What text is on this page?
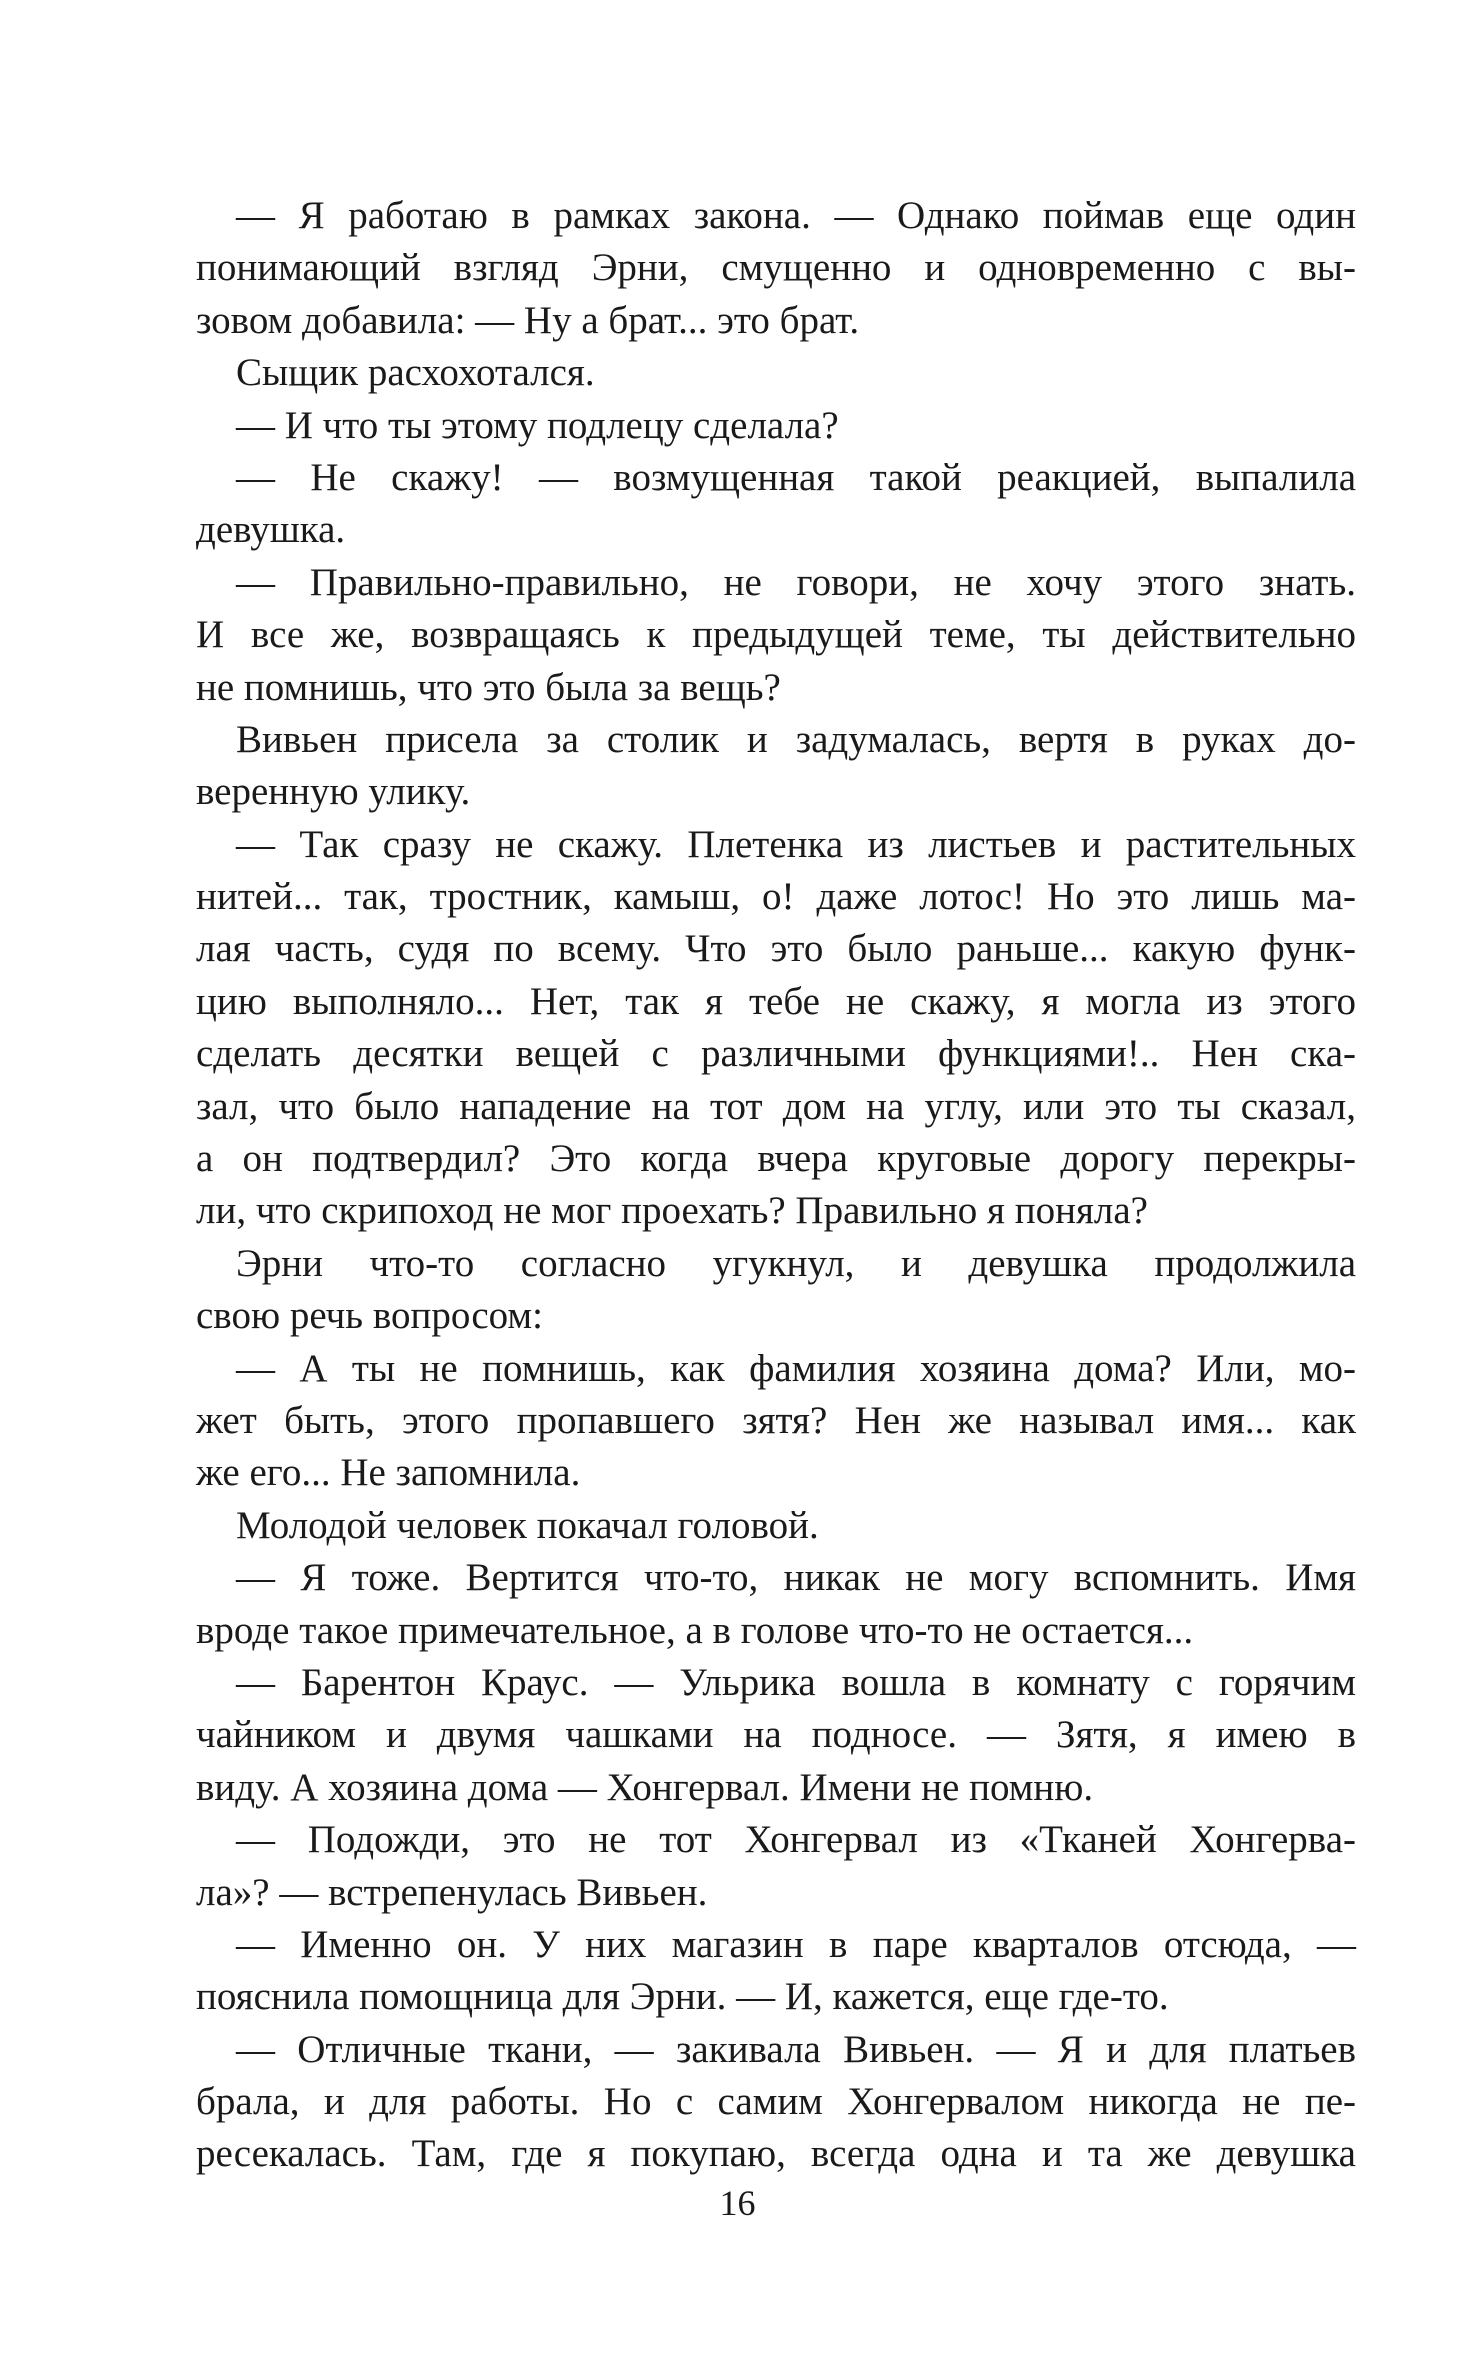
— Я работаю в рамках закона. — Однако поймав еще один
понимающий взгляд Эрни, смущенно и одновременно с вы-
зовом добавила: — Ну а брат... это брат.
Сыщик расхохотался.
— И что ты этому подлецу сделала?
— Не скажу! — возмущенная такой реакцией, выпалила
девушка.
— Правильно-правильно, не говори, не хочу этого знать.
И все же, возвращаясь к предыдущей теме, ты действительно
не помнишь, что это была за вещь?
Вивьен присела за столик и задумалась, вертя в руках до-
веренную улику.
— Так сразу не скажу. Плетенка из листьев и растительных
нитей... так, тростник, камыш, о! даже лотос! Но это лишь ма-
лая часть, судя по всему. Что это было раньше... какую функ-
цию выполняло... Нет, так я тебе не скажу, я могла из этого
сделать десятки вещей с различными функциями!.. Нен ска-
зал, что было нападение на тот дом на углу, или это ты сказал,
а он подтвердил? Это когда вчера круговые дорогу перекры-
ли, что скрипоход не мог проехать? Правильно я поняла?
Эрни что-то согласно угукнул, и девушка продолжила
свою речь вопросом:
— А ты не помнишь, как фамилия хозяина дома? Или, мо-
жет быть, этого пропавшего зятя? Нен же называл имя... как
же его... Не запомнила.
Молодой человек покачал головой.
— Я тоже. Вертится что-то, никак не могу вспомнить. Имя
вроде такое примечательное, а в голове что-то не остается...
— Барентон Краус. — Ульрика вошла в комнату с горячим
чайником и двумя чашками на подносе. — Зятя, я имею в
виду. А хозяина дома — Хонгервал. Имени не помню.
— Подожди, это не тот Хонгервал из «Тканей Хонгерва-
ла»? — встрепенулась Вивьен.
— Именно он. У них магазин в паре кварталов отсюда, —
пояснила помощница для Эрни. — И, кажется, еще где-то.
— Отличные ткани, — закивала Вивьен. — Я и для платьев
брала, и для работы. Но с самим Хонгервалом никогда не пе-
ресекалась. Там, где я покупаю, всегда одна и та же девушка
16
